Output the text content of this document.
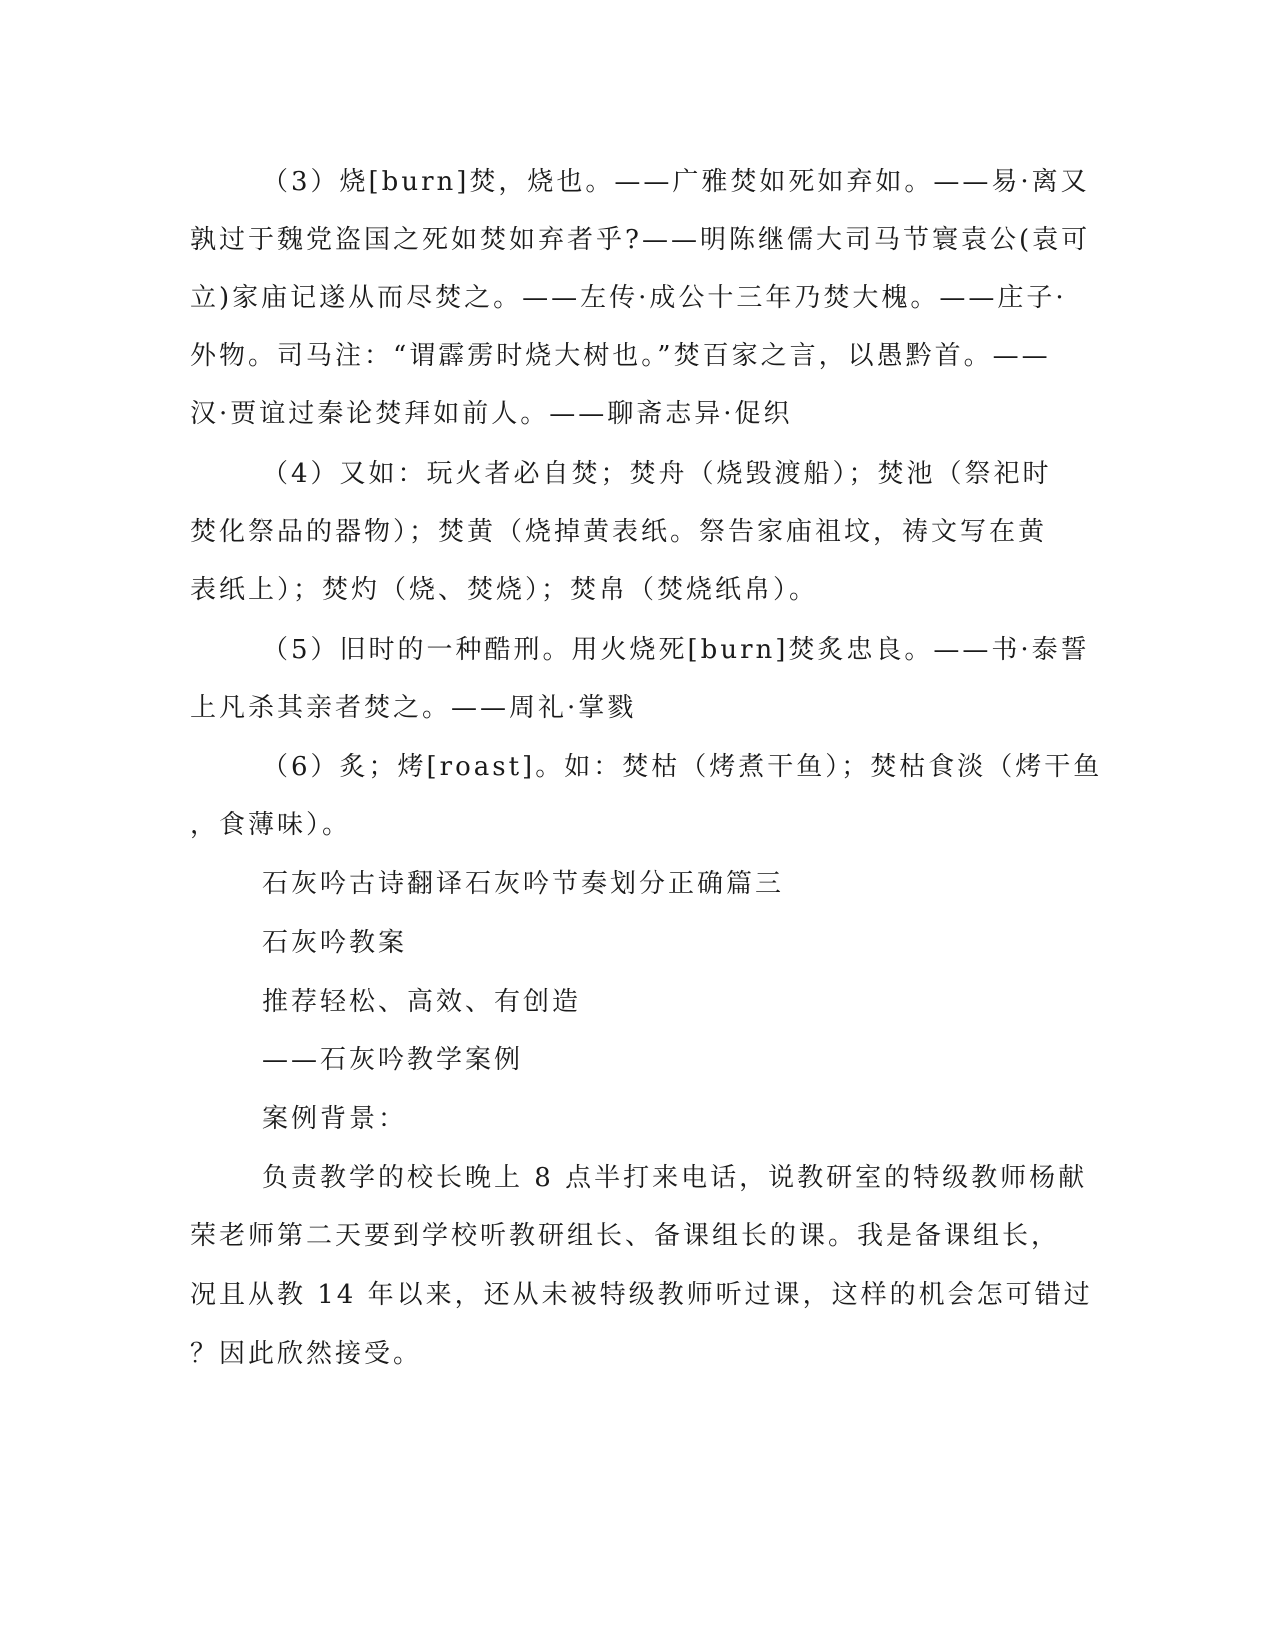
（3）烧[burn]焚，烧也。——广雅焚如死如弃如。——易·离又
孰过于魏党盗国之死如焚如弃者乎?——明陈继儒大司马节寰袁公(袁可
立)家庙记遂从而尽焚之。——左传·成公十三年乃焚大槐。——庄子·
外物。司马注：“谓霹雳时烧大树也。”焚百家之言，以愚黔首。——
汉·贾谊过秦论焚拜如前人。——聊斋志异·促织
（4）又如：玩火者必自焚；焚舟（烧毁渡船）；焚池（祭祀时
焚化祭品的器物）；焚黄（烧掉黄表纸。祭告家庙祖坟，祷文写在黄
表纸上）；焚灼（烧、焚烧）；焚帛（焚烧纸帛）。
（5）旧时的一种酷刑。用火烧死[burn]焚炙忠良。——书·泰誓
上凡杀其亲者焚之。——周礼·掌戮
（6）炙；烤[roast]。如：焚枯（烤煮干鱼）；焚枯食淡（烤干鱼
，食薄味）。
石灰吟古诗翻译石灰吟节奏划分正确篇三
石灰吟教案
推荐轻松、高效、有创造
——石灰吟教学案例
案例背景：
负责教学的校长晚上 8 点半打来电话，说教研室的特级教师杨献
荣老师第二天要到学校听教研组长、备课组长的课。我是备课组长，
况且从教 14 年以来，还从未被特级教师听过课，这样的机会怎可错过
？因此欣然接受。
